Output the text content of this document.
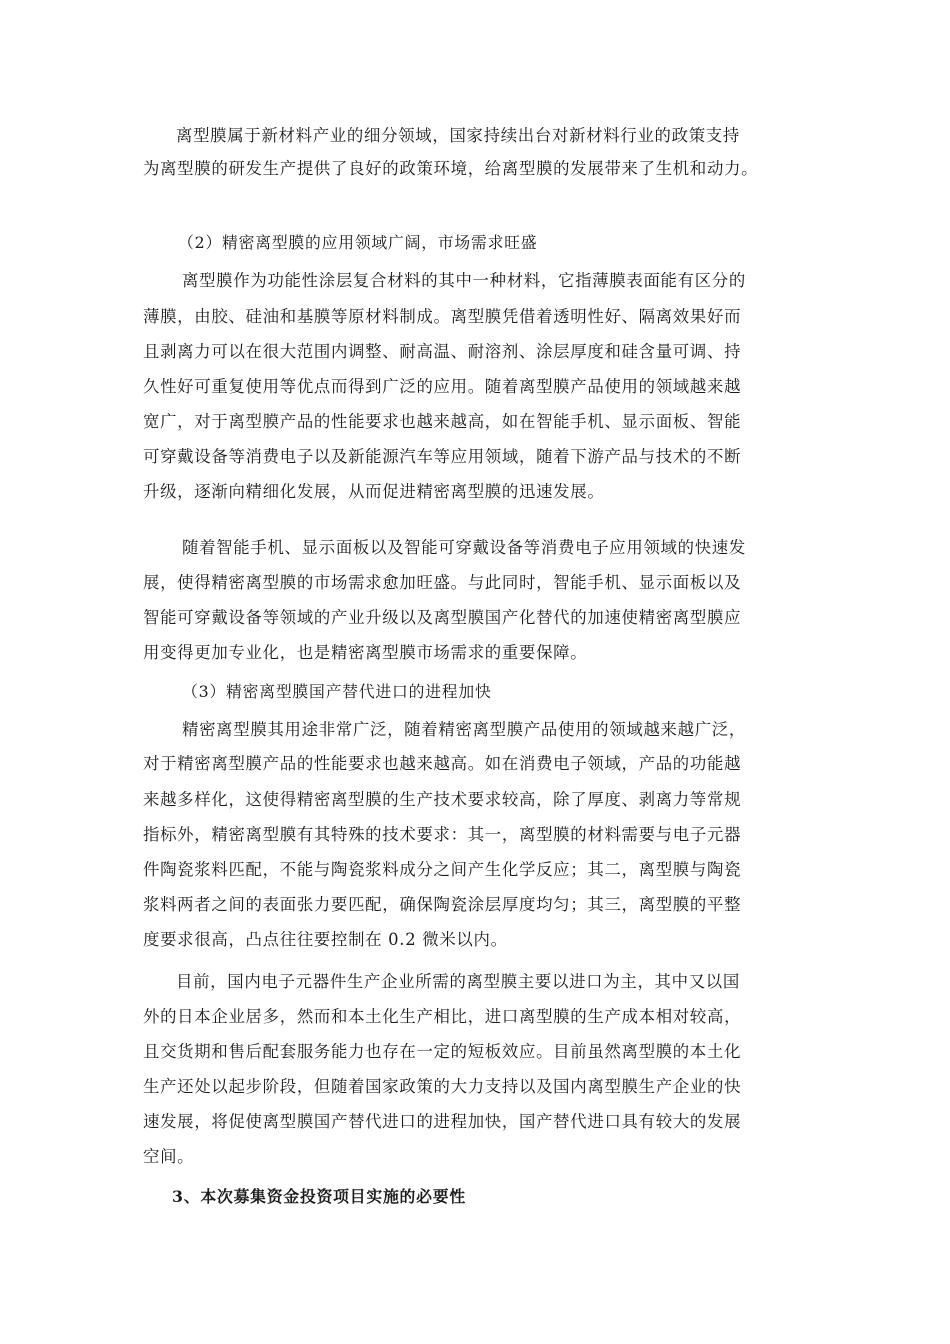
离型膜属于新材料产业的细分领域，国家持续出台对新材料行业的政策支持
为离型膜的研发生产提供了良好的政策环境，给离型膜的发展带来了生机和动力。
（2）精密离型膜的应用领域广阔，市场需求旺盛
离型膜作为功能性涂层复合材料的其中一种材料，它指薄膜表面能有区分的
薄膜，由胶、硅油和基膜等原材料制成。离型膜凭借着透明性好、隔离效果好而
且剥离力可以在很大范围内调整、耐高温、耐溶剂、涂层厚度和硅含量可调、持
久性好可重复使用等优点而得到广泛的应用。随着离型膜产品使用的领域越来越
宽广，对于离型膜产品的性能要求也越来越高，如在智能手机、显示面板、智能
可穿戴设备等消费电子以及新能源汽车等应用领域，随着下游产品与技术的不断
升级，逐渐向精细化发展，从而促进精密离型膜的迅速发展。
随着智能手机、显示面板以及智能可穿戴设备等消费电子应用领域的快速发
展，使得精密离型膜的市场需求愈加旺盛。与此同时，智能手机、显示面板以及
智能可穿戴设备等领域的产业升级以及离型膜国产化替代的加速使精密离型膜应
用变得更加专业化，也是精密离型膜市场需求的重要保障。
（3）精密离型膜国产替代进口的进程加快
精密离型膜其用途非常广泛，随着精密离型膜产品使用的领域越来越广泛，
对于精密离型膜产品的性能要求也越来越高。如在消费电子领域，产品的功能越
来越多样化，这使得精密离型膜的生产技术要求较高，除了厚度、剥离力等常规
指标外，精密离型膜有其特殊的技术要求：其一，离型膜的材料需要与电子元器
件陶瓷浆料匹配，不能与陶瓷浆料成分之间产生化学反应；其二，离型膜与陶瓷
浆料两者之间的表面张力要匹配，确保陶瓷涂层厚度均匀；其三，离型膜的平整
度要求很高，凸点往往要控制在 0.2 微米以内。
目前，国内电子元器件生产企业所需的离型膜主要以进口为主，其中又以国
外的日本企业居多，然而和本土化生产相比，进口离型膜的生产成本相对较高，
且交货期和售后配套服务能力也存在一定的短板效应。目前虽然离型膜的本土化
生产还处以起步阶段，但随着国家政策的大力支持以及国内离型膜生产企业的快
速发展，将促使离型膜国产替代进口的进程加快，国产替代进口具有较大的发展
空间。
3、本次募集资金投资项目实施的必要性
